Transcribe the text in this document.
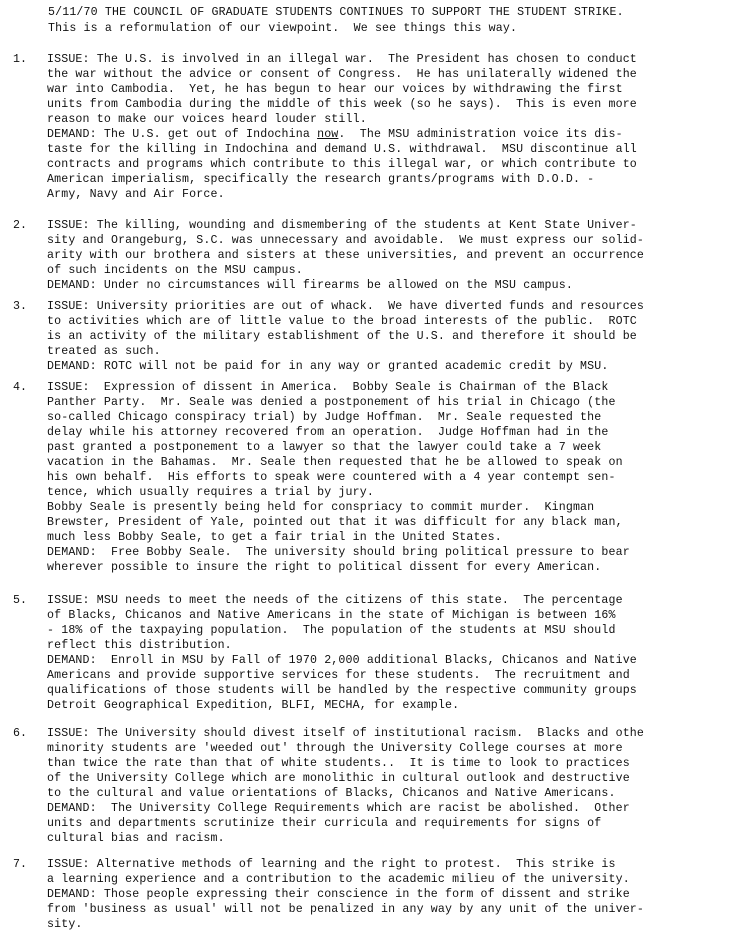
5/11/70 THE COUNCIL OF GRADUATE STUDENTS CONTINUES TO SUPPORT THE STUDENT STRIKE.
This is a reformulation of our viewpoint.  We see things this way.
1. ISSUE: The U.S. is involved in an illegal war.  The President has chosen to conduct
the war without the advice or consent of Congress.  He has unilaterally widened the
war into Cambodia.  Yet, he has begun to hear our voices by withdrawing the first
units from Cambodia during the middle of this week (so he says).  This is even more
reason to make our voices heard louder still.
DEMAND: The U.S. get out of Indochina now.  The MSU administration voice its dis-
taste for the killing in Indochina and demand U.S. withdrawal.  MSU discontinue all
contracts and programs which contribute to this illegal war, or which contribute to
American imperialism, specifically the research grants/programs with D.O.D. -
Army, Navy and Air Force.
2. ISSUE: The killing, wounding and dismembering of the students at Kent State Univer-
sity and Orangeburg, S.C. was unnecessary and avoidable.  We must express our solid-
arity with our brothera and sisters at these universities, and prevent an occurrence
of such incidents on the MSU campus.
DEMAND: Under no circumstances will firearms be allowed on the MSU campus.
3. ISSUE: University priorities are out of whack.  We have diverted funds and resources
to activities which are of little value to the broad interests of the public.  ROTC
is an activity of the military establishment of the U.S. and therefore it should be
treated as such.
DEMAND: ROTC will not be paid for in any way or granted academic credit by MSU.
4. ISSUE:  Expression of dissent in America.  Bobby Seale is Chairman of the Black
Panther Party.  Mr. Seale was denied a postponement of his trial in Chicago (the
so-called Chicago conspiracy trial) by Judge Hoffman.  Mr. Seale requested the
delay while his attorney recovered from an operation.  Judge Hoffman had in the
past granted a postponement to a lawyer so that the lawyer could take a 7 week
vacation in the Bahamas.  Mr. Seale then requested that he be allowed to speak on
his own behalf.  His efforts to speak were countered with a 4 year contempt sen-
tence, which usually requires a trial by jury.
Bobby Seale is presently being held for conspriacy to commit murder.  Kingman
Brewster, President of Yale, pointed out that it was difficult for any black man,
much less Bobby Seale, to get a fair trial in the United States.
DEMAND:  Free Bobby Seale.  The university should bring political pressure to bear
wherever possible to insure the right to political dissent for every American.
5. ISSUE: MSU needs to meet the needs of the citizens of this state.  The percentage
of Blacks, Chicanos and Native Americans in the state of Michigan is between 16%
- 18% of the taxpaying population.  The population of the students at MSU should
reflect this distribution.
DEMAND:  Enroll in MSU by Fall of 1970 2,000 additional Blacks, Chicanos and Native
Americans and provide supportive services for these students.  The recruitment and
qualifications of those students will be handled by the respective community groups
Detroit Geographical Expedition, BLFI, MECHA, for example.
6. ISSUE: The University should divest itself of institutional racism.  Blacks and othe
minority students are 'weeded out' through the University College courses at more
than twice the rate than that of white students..  It is time to look to practices
of the University College which are monolithic in cultural outlook and destructive
to the cultural and value orientations of Blacks, Chicanos and Native Americans.
DEMAND:  The University College Requirements which are racist be abolished.  Other
units and departments scrutinize their curricula and requirements for signs of
cultural bias and racism.
7. ISSUE: Alternative methods of learning and the right to protest.  This strike is
a learning experience and a contribution to the academic milieu of the university.
DEMAND: Those people expressing their conscience in the form of dissent and strike
from 'business as usual' will not be penalized in any way by any unit of the univer-
sity.
